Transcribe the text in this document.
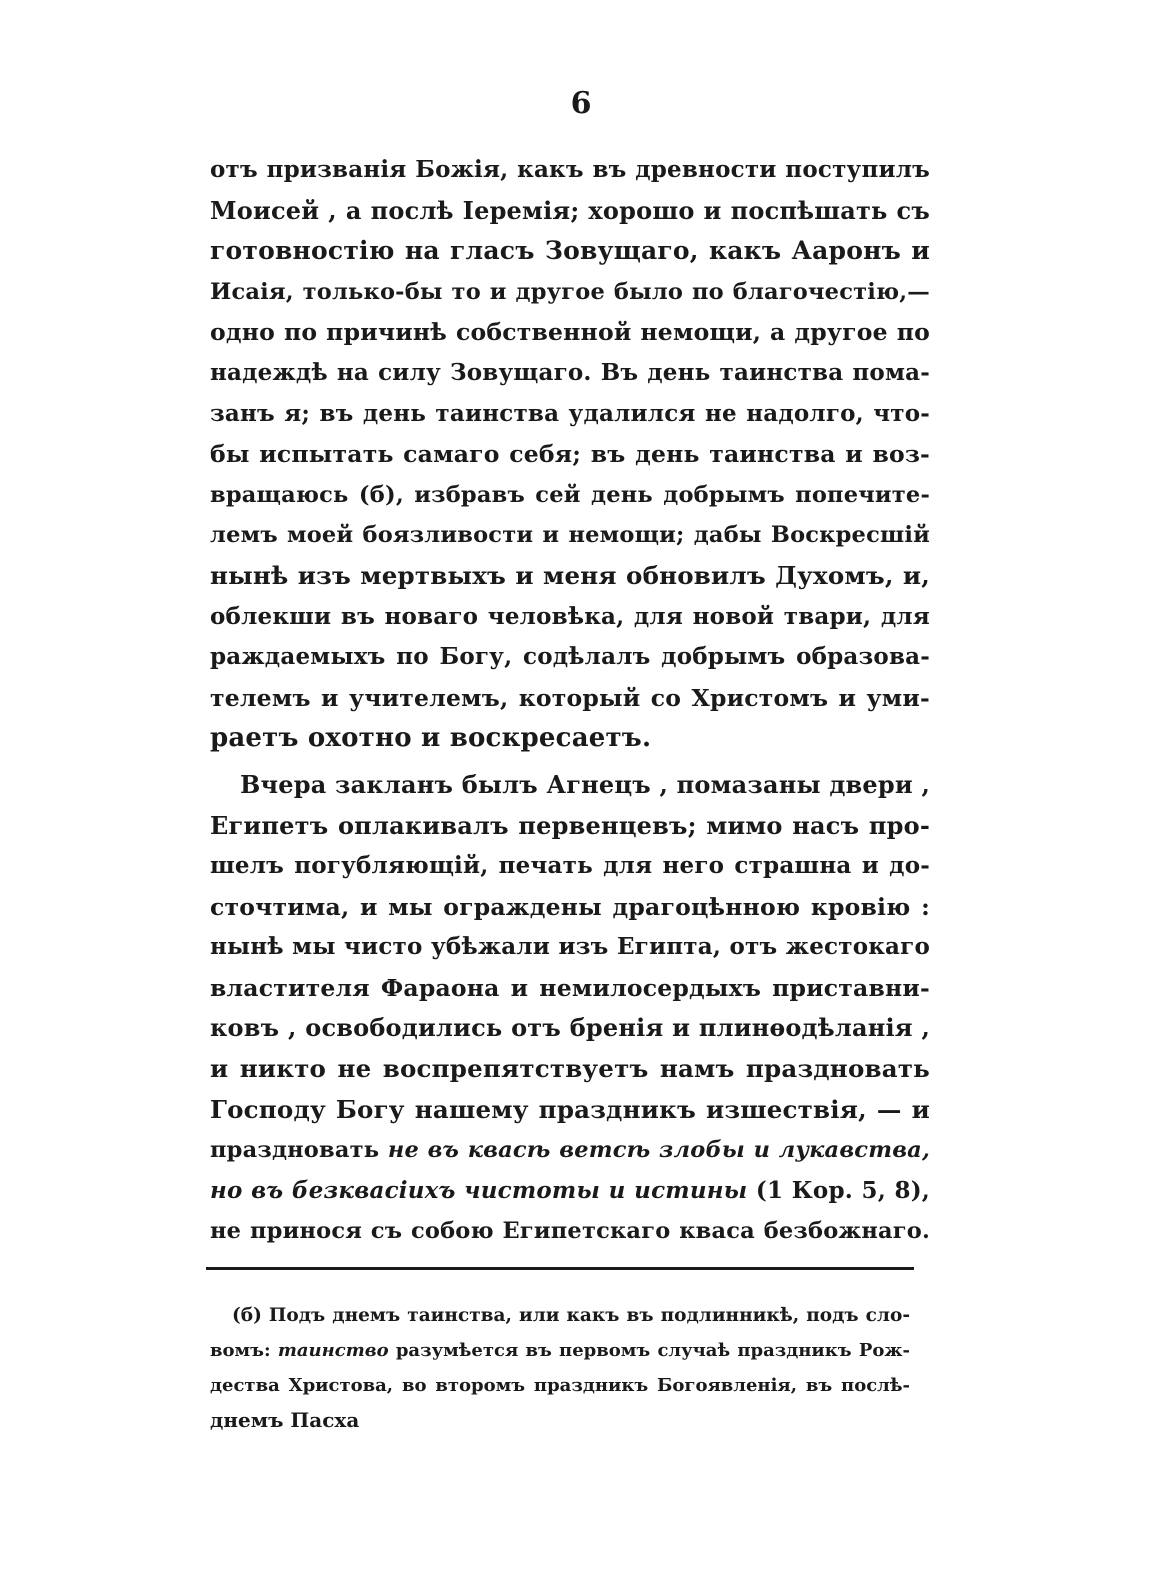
6
отъ призванія Божія, какъ въ древности поступилъ
Моисей , а послѣ Іеремія; хорошо и поспѣшать съ
готовностію на гласъ Зовущаго, какъ Ааронъ и
Исаія, только-бы то и другое было по благочестію,—
одно по причинѣ собственной немощи, а другое по
надеждѣ на силу Зовущаго. Въ день таинства пома-
занъ я; въ день таинства удалился не надолго, что-
бы испытать самаго себя; въ день таинства и воз-
вращаюсь (б), избравъ сей день добрымъ попечите-
лемъ моей боязливости и немощи; дабы Воскресшій
нынѣ изъ мертвыхъ и меня обновилъ Духомъ, и,
облекши въ новаго человѣка, для новой твари, для
раждаемыхъ по Богу, содѣлалъ добрымъ образова-
телемъ и учителемъ, который со Христомъ и уми-
раетъ охотно и воскресаетъ.
Вчера закланъ былъ Агнецъ , помазаны двери ,
Египетъ оплакивалъ первенцевъ; мимо насъ про-
шелъ погубляющій, печать для него страшна и до-
сточтима, и мы ограждены драгоцѣнною кровію :
нынѣ мы чисто убѣжали изъ Египта, отъ жестокаго
властителя Фараона и немилосердыхъ приставни-
ковъ , освободились отъ бренія и плинѳодѣланія ,
и никто не воспрепятствуетъ намъ праздновать
Господу Богу нашему праздникъ изшествія, — и
праздновать не въ квасѣ ветсѣ злобы и лукавства,
но въ безквасіихъ чистоты и истины (1 Кор. 5, 8),
не принося съ собою Египетскаго кваса безбожнаго.
(б) Подъ днемъ таинства, или какъ въ подлинникѣ, подъ сло-
вомъ: таинство разумѣется въ первомъ случаѣ праздникъ Рож-
дества Христова, во второмъ праздникъ Богоявленія, въ послѣ-
днемъ Пасха
